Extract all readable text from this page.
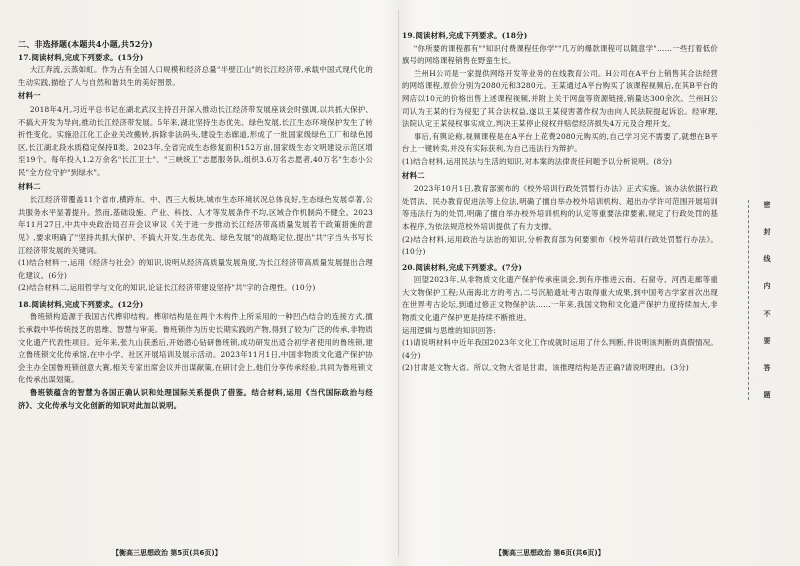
二、非选择题(本题共4小题,共52分)

17.阅读材料,完成下列要求。(15分)

大江奔流,云蒸如虹。作为占有全国人口规模和经济总量"半壁江山"的长江经济带,承载中国式现代化的生动实践,描绘了人与自然和谐共生的美好图景。

材料一

2018年4月,习近平总书记在湖北武汉主持召开深入推动长江经济带发展座谈会时强调,以共抓大保护、不搞大开发为导向,推动长江经济带发展。5年来,湖北坚持生态优先、绿色发展,长江生态环境保护发生了转折性变化。实施沿江化工企业关改搬转,拆除非法码头,建设生态廊道,形成了一批国家级绿色工厂和绿色园区,长江湖北段水质稳定保持Ⅱ类。2023年,全省完成生态修复面积152万亩,国家级生态文明建设示范区增至19个。每年投入1.2万余名"长江卫士"、"三峡统工"志愿服务队,组织3.6万名志愿者,40万名"生态小公民"全方位守护"到绿水"。

材料二

长江经济带覆盖11个省市,横跨东、中、西三大板块,城市生态环境状况总体良好,生态绿色发展卓著,公共服务水平显著提升。然而,基础设施、产业、科技、人才等发展条件不均,区域合作机制尚不健全。2023年11月27日,中共中央政治局召开会议审议《关于进一步推动长江经济带高质量发展若干政策措施的意见》,要求明确了"坚持共抓大保护、不搞大开发,生态优先、绿色发展"的战略定位,提出"共"字当头书写长江经济带发展的关键词。

(1)结合材料一,运用《经济与社会》的知识,说明从经济高质量发展角度,为长江经济带高质量发展提出合理化建议。(6分)

(2)结合材料二,运用哲学与文化的知识,论证长江经济带建设坚持"共"字的合理性。(10分)

18.阅读材料,完成下列要求。(12分)

鲁班锁构造源于我国古代榫卯结构。榫卯结构是在两个木构件上所采用的一种凹凸结合的连接方式,擅长承载中华传统技艺的思维、智慧与审美。鲁班锁作为历史长期实践的产物,得到了较为广泛的传承,非物质文化遗产代表性项目。近年来,张九山获悉后,开始潜心钻研鲁班锁,成功研发出适合初学者使用的鲁班锁,建立鲁班锁文化传承馆,在中小学、社区开展培训及展示活动。2023年11月1日,中国非物质文化遗产保护协会主办全国鲁班锁创意大赛,相关专家出席会议并出谋献策,在研讨会上,他们分享传承经验,共同为鲁班锁文化传承出谋划策。

鲁班锁蕴含的智慧为各国正确认识和处理国际关系提供了借鉴。结合材料,运用《当代国际政治与经济》、文化传承与文化创新的知识对此加以说明。

19.阅读材料,完成下列要求。(18分)

"你所要的课程都有""知识付费课程任你学""几万的爆款课程可以随意学"……一些打着低价旗号的网络课程销售在野蛮生长。

兰州H公司是一家提供网络开发等业务的在线教育公司。H公司在A平台上销售其合法经营的网络课程,原价分别为2080元和3280元。王某通过A平台购买了该课程视频后,在其B平台的网店以10元的价格出售上述课程视频,并附上关于网盘等资源链接,销量达300余次。兰州H公司认为王某的行为侵犯了其合法权益,遂以王某侵害著作权为由向人民法院提起诉讼。经审理,法院认定王某侵权事实成立,判决王某停止侵权并赔偿经济损失4万元及合理开支。

事后,有舆论称,视频课程是在A平台上花费2080元购买的,自己学习完不需要了,就想在B平台上一键转卖,并没有实际获利,为自己违法行为辩护。

(1)结合材料,运用民法与生活的知识,对本案的法律责任问题予以分析说明。(8分)

材料二

2023年10月1日,教育部颁布的《校外培训行政处罚暂行办法》正式实施。该办法依据行政处罚法、民办教育促进法等上位法,明确了擅自举办校外培训机构、超出办学许可范围开展培训等违法行为的处罚,明确了擅自举办校外培训机构的认定等重要法律要素,规定了行政处罚的基本程序,为依法规范校外培训提供了有力支撑。

(2)结合材料,运用政治与法治的知识,分析教育部为何要颁布《校外培训行政处罚暂行办法》。(10分)

20.阅读材料,完成下列要求。(7分)

回望2023年,从非物质文化遗产保护传承座谈会,到有序推进云南、石窟寺、河西走廊等重大文物保护工程;从南海北方的考古,二号沉船遗址考古取得重大成果,到中国考古学家首次出现在世界考古论坛,到通过修正文物保护法……一年来,我国文物和文化遗产保护力度持续加大,非物质文化遗产保护更是持续不断推进。

运用逻辑与思维的知识回答:

(1)请说明材料中近年我国2023年文化工作成就时运用了什么判断,并说明该判断的真假情况。(4分)

(2)甘肃是文物大省。所以,文物大省是甘肃。该推理结构是否正确?请说明理由。(3分)

【衡高三思想政治 第5页(共6页)】	【衡高三思想政治 第6页(共6页)】
密
封
线
内
不
要
答
题
